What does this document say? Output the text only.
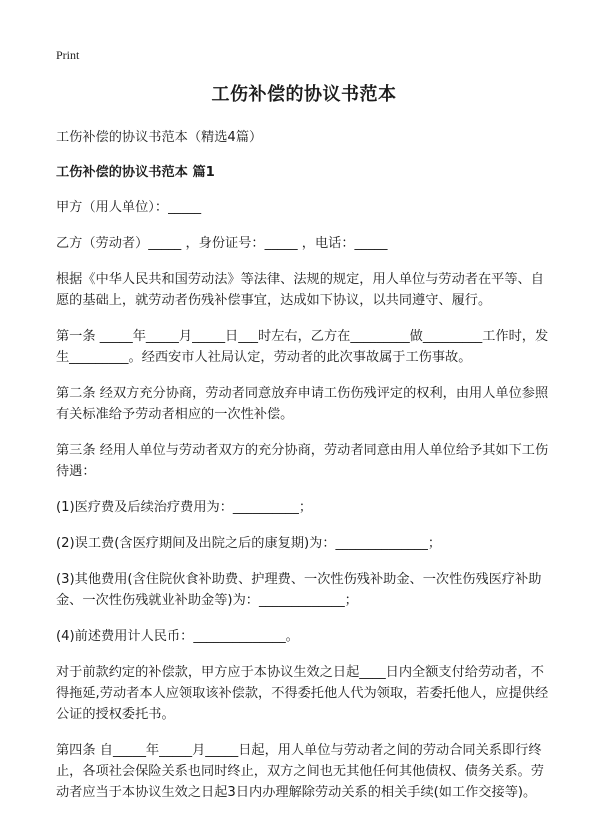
Print
工伤补偿的协议书范本

工伤补偿的协议书范本（精选4篇）

工伤补偿的协议书范本 篇1

甲方（用人单位）：_____

乙方（劳动者）_____ ，身份证号：_____ ，电话：_____

根据《中华人民共和国劳动法》等法律、法规的规定，用人单位与劳动者在平等、自愿的基础上，就劳动者伤残补偿事宜，达成如下协议，以共同遵守、履行。

第一条 _____年_____月_____日___时左右，乙方在_________做_________工作时，发生_________。经西安市人社局认定，劳动者的此次事故属于工伤事故。

第二条 经双方充分协商，劳动者同意放弃申请工伤伤残评定的权利，由用人单位参照有关标准给予劳动者相应的一次性补偿。

第三条 经用人单位与劳动者双方的充分协商，劳动者同意由用人单位给予其如下工伤待遇：

(1)医疗费及后续治疗费用为：__________；

(2)误工费(含医疗期间及出院之后的康复期)为：______________；

(3)其他费用(含住院伙食补助费、护理费、一次性伤残补助金、一次性伤残医疗补助金、一次性伤残就业补助金等)为：_____________；

(4)前述费用计人民币：______________。

对于前款约定的补偿款，甲方应于本协议生效之日起____日内全额支付给劳动者，不得拖延,劳动者本人应领取该补偿款，不得委托他人代为领取，若委托他人，应提供经公证的授权委托书。

第四条 自_____年_____月_____日起，用人单位与劳动者之间的劳动合同关系即行终止，各项社会保险关系也同时终止，双方之间也无其他任何其他债权、债务关系。劳动者应当于本协议生效之日起3日内办理解除劳动关系的相关手续(如工作交接等)。
